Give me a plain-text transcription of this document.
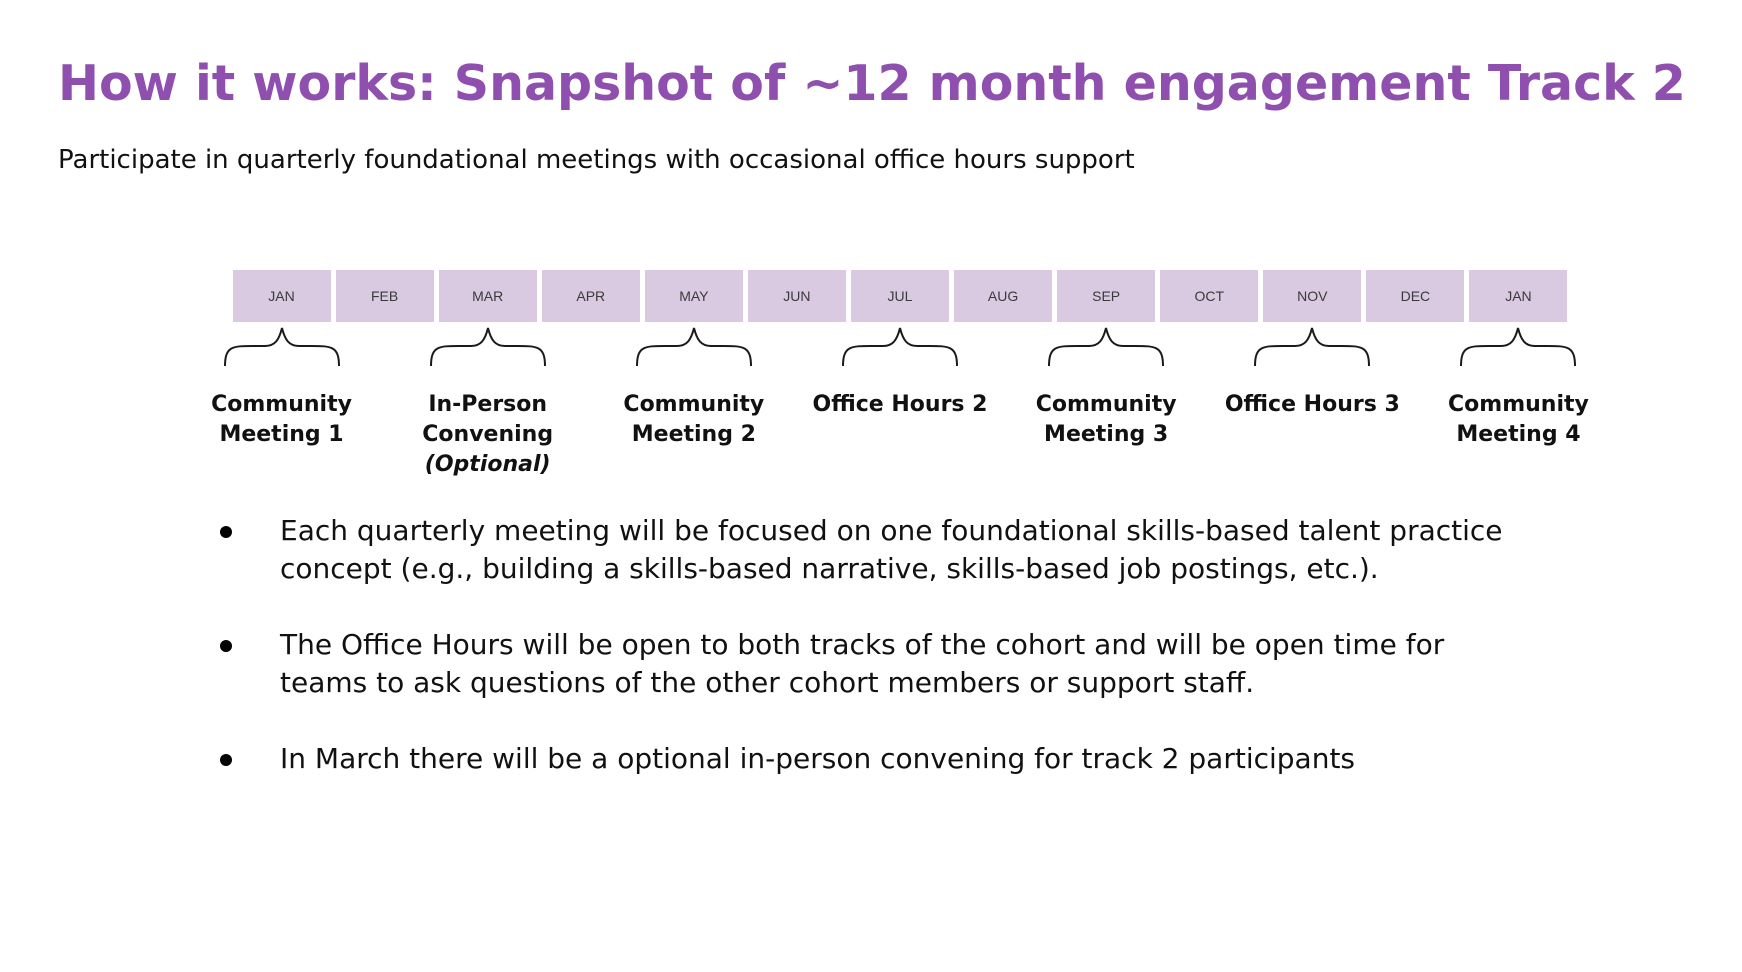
How it works: Snapshot of ~12 month engagement Track 2

Participate in quarterly foundational meetings with occasional office hours support

JAN	FEB	MAR	APR	MAY	JUN	JUL	AUG	SEP	OCT	NOV	DEC	JAN
Community
Meeting 1
In-Person
Convening
(Optional)
Community
Meeting 2
Office Hours 2	Community
Meeting 3
Office Hours 3	Community
Meeting 4
Each quarterly meeting will be focused on one foundational skills-based talent practice concept (e.g., building a skills-based narrative, skills-based job postings, etc.).
The Office Hours will be open to both tracks of the cohort and will be open time for teams to ask questions of the other cohort members or support staff.
In March there will be a optional in-person convening for track 2 participants
